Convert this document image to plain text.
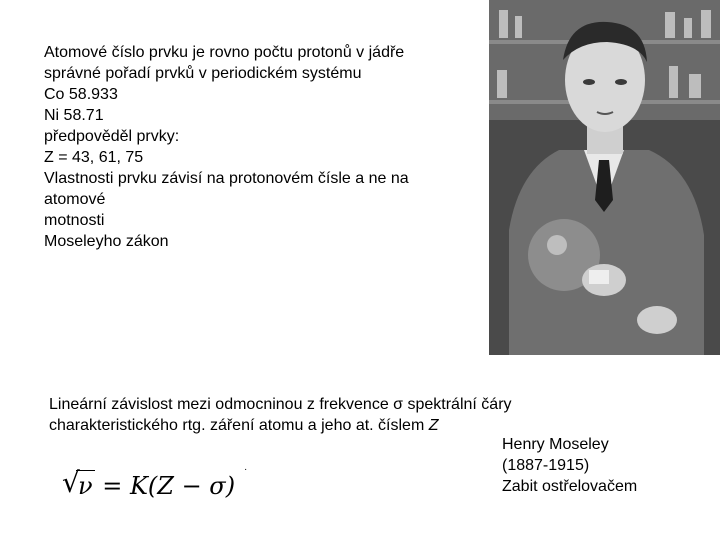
Atomové číslo prvku je rovno počtu protonů v jádře
správné pořadí prvků v periodickém systému
Co 58.933
Ni 58.71
předpověděl prvky:
Z = 43, 61, 75
Vlastnosti prvku závisí na protonovém čísle a ne na
atomové
motnosti
Moseleyho zákon
Lineární závislost mezi odmocninou z frekvence σ spektrální čáry
charakteristického rtg. záření atomu a jeho at. číslem Z
Henry Moseley
(1887-1915)
Zabit ostřelovačem
·
√
ν = K(Z − σ)
